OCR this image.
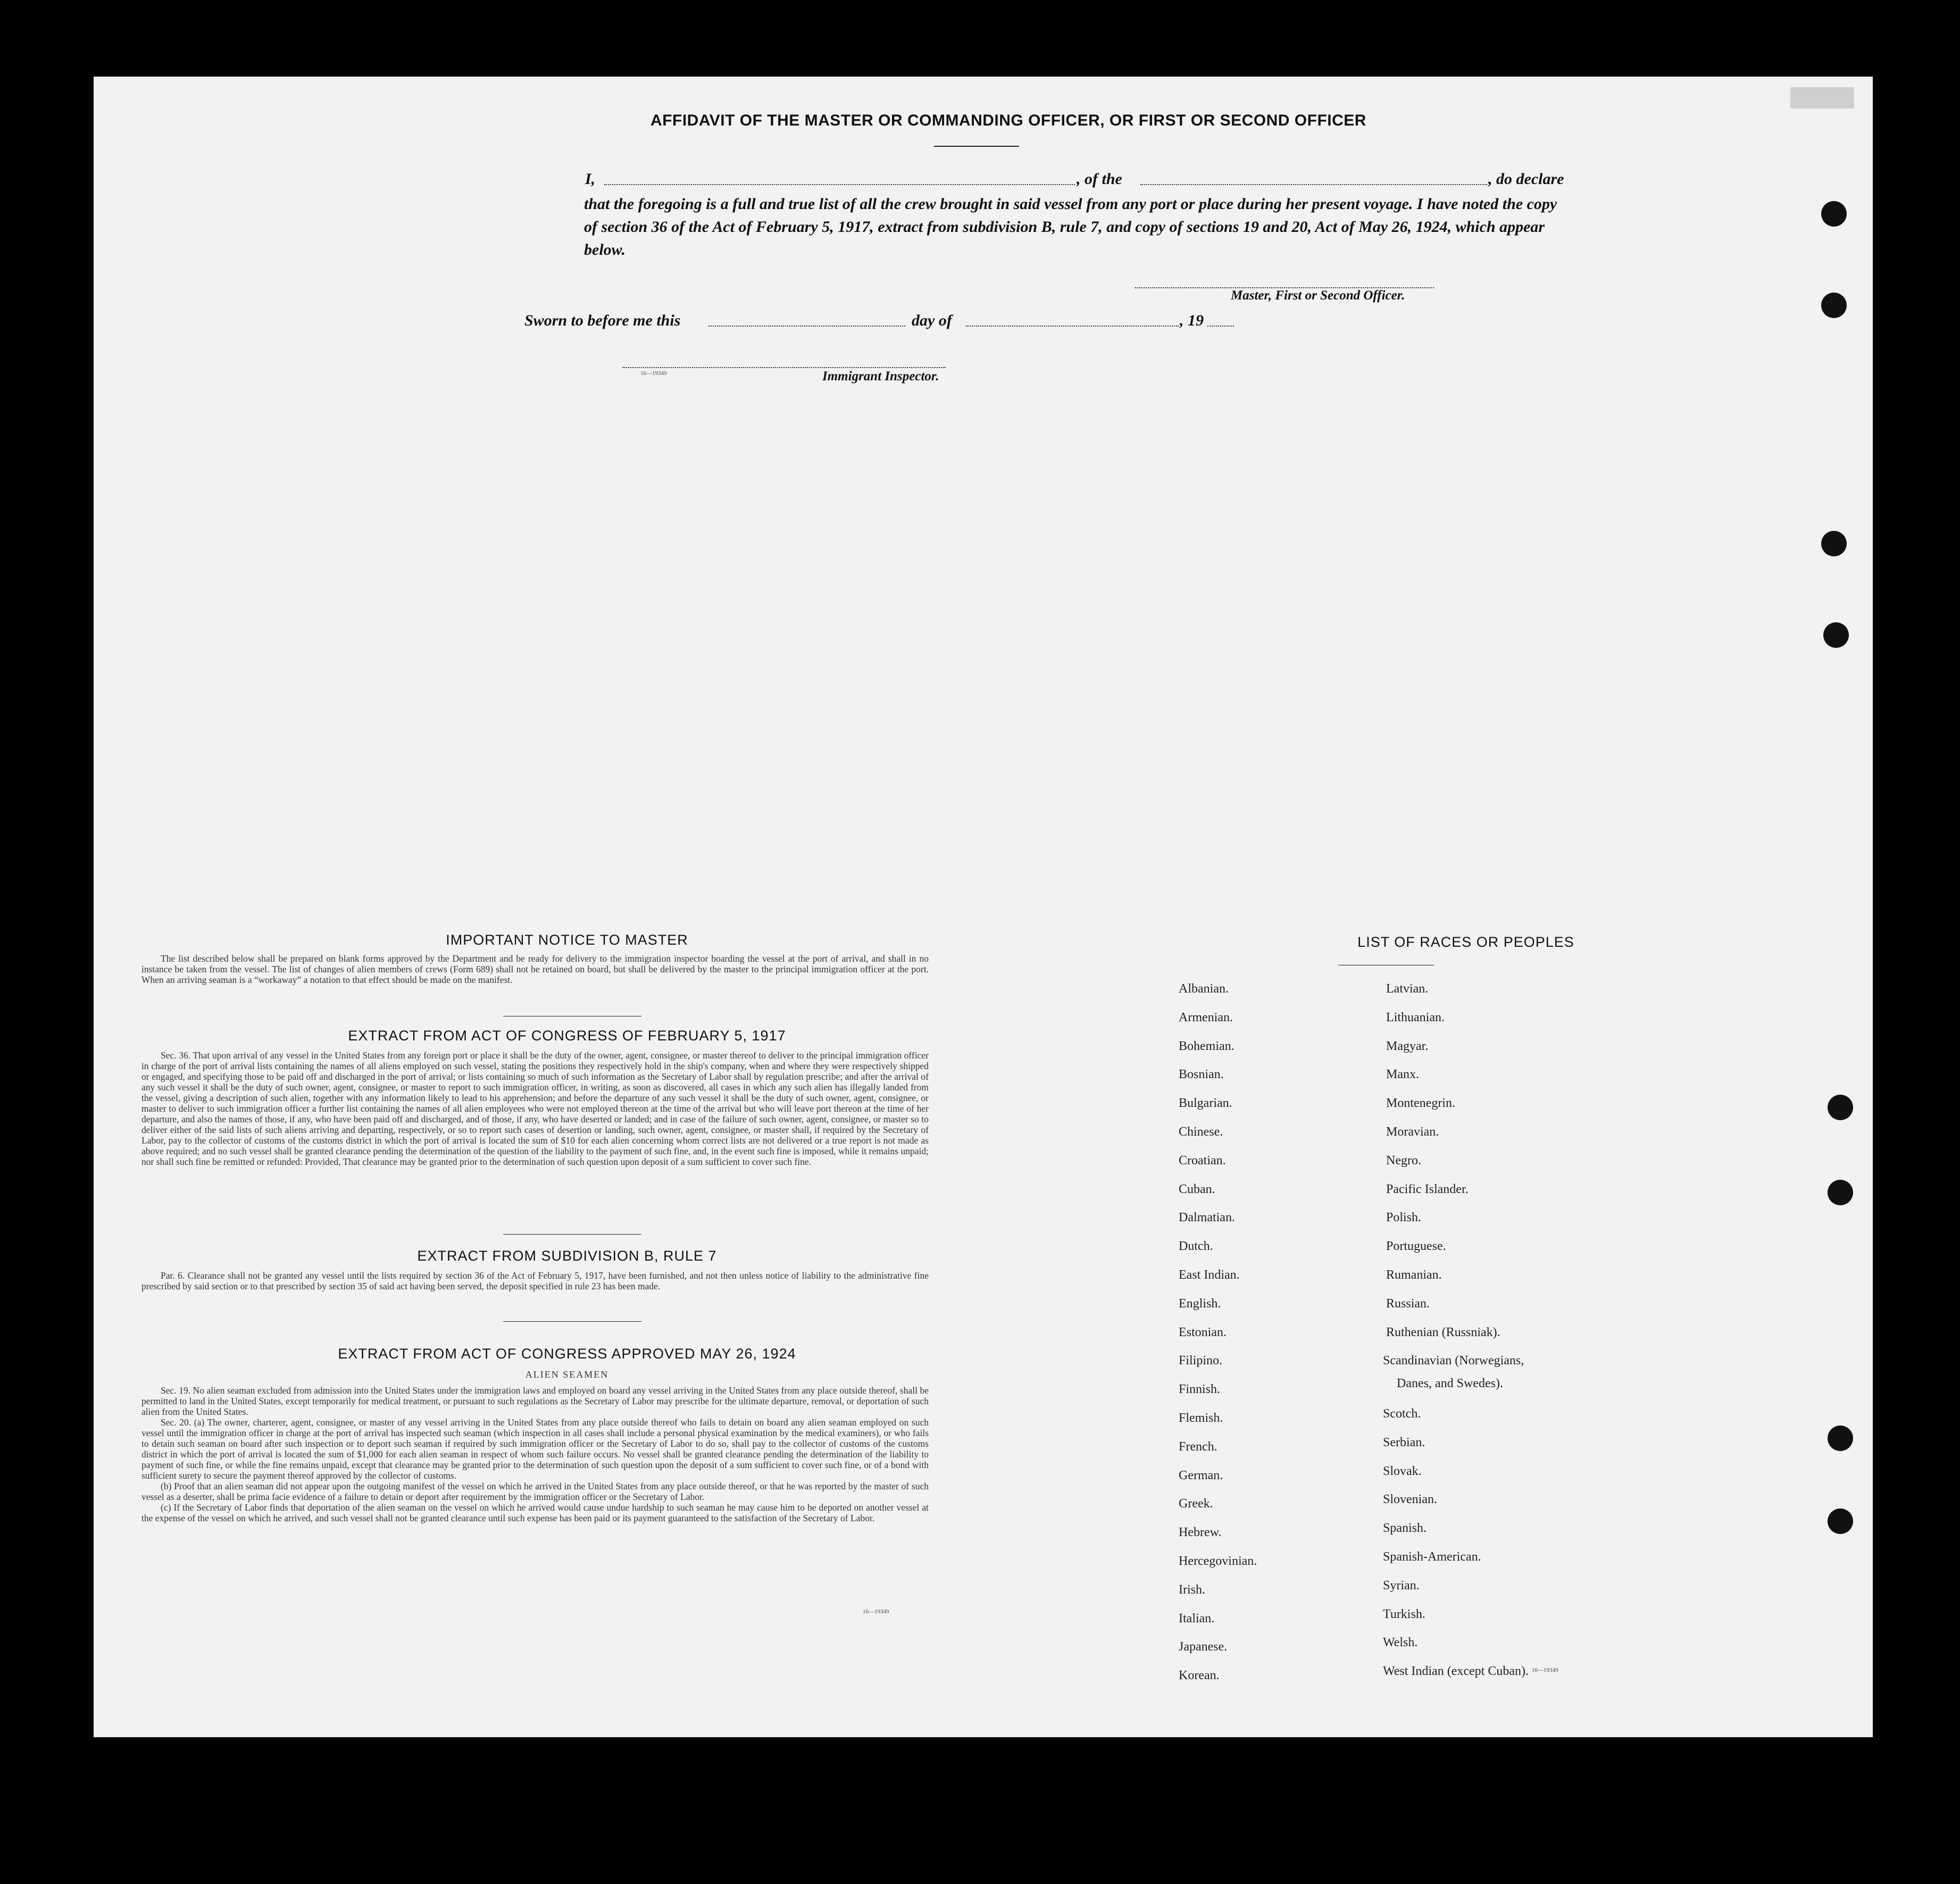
AFFIDAVIT OF THE MASTER OR COMMANDING OFFICER, OR FIRST OR SECOND OFFICER
I,	, of the	, do declare
that the foregoing is a full and true list of all the crew brought in said vessel from any port or place during her present voyage. I have noted the copy of section 36 of the Act of February 5, 1917, extract from subdivision B, rule 7, and copy of sections 19 and 20, Act of May 26, 1924, which appear below.
Master, First or Second Officer.
Sworn to before me this	day of	, 19
16—19349	Immigrant Inspector.
IMPORTANT NOTICE TO MASTER

The list described below shall be prepared on blank forms approved by the Department and be ready for delivery to the immigration inspector boarding the vessel at the port of arrival, and shall in no instance be taken from the vessel. The list of changes of alien members of crews (Form 689) shall not be retained on board, but shall be delivered by the master to the principal immigration officer at the port. When an arriving seaman is a “workaway” a notation to that effect should be made on the manifest.

EXTRACT FROM ACT OF CONGRESS OF FEBRUARY 5, 1917

Sec. 36. That upon arrival of any vessel in the United States from any foreign port or place it shall be the duty of the owner, agent, consignee, or master thereof to deliver to the principal immigration officer in charge of the port of arrival lists containing the names of all aliens employed on such vessel, stating the positions they respectively hold in the ship's company, when and where they were respectively shipped or engaged, and specifying those to be paid off and discharged in the port of arrival; or lists containing so much of such information as the Secretary of Labor shall by regulation prescribe; and after the arrival of any such vessel it shall be the duty of such owner, agent, consignee, or master to report to such immigration officer, in writing, as soon as discovered, all cases in which any such alien has illegally landed from the vessel, giving a description of such alien, together with any information likely to lead to his apprehension; and before the departure of any such vessel it shall be the duty of such owner, agent, consignee, or master to deliver to such immigration officer a further list containing the names of all alien employees who were not employed thereon at the time of the arrival but who will leave port thereon at the time of her departure, and also the names of those, if any, who have been paid off and discharged, and of those, if any, who have deserted or landed; and in case of the failure of such owner, agent, consignee, or master so to deliver either of the said lists of such aliens arriving and departing, respectively, or so to report such cases of desertion or landing, such owner, agent, consignee, or master shall, if required by the Secretary of Labor, pay to the collector of customs of the customs district in which the port of arrival is located the sum of $10 for each alien concerning whom correct lists are not delivered or a true report is not made as above required; and no such vessel shall be granted clearance pending the determination of the question of the liability to the payment of such fine, and, in the event such fine is imposed, while it remains unpaid; nor shall such fine be remitted or refunded: Provided, That clearance may be granted prior to the determination of such question upon deposit of a sum sufficient to cover such fine.

EXTRACT FROM SUBDIVISION B, RULE 7

Par. 6. Clearance shall not be granted any vessel until the lists required by section 36 of the Act of February 5, 1917, have been furnished, and not then unless notice of liability to the administrative fine prescribed by said section or to that prescribed by section 35 of said act having been served, the deposit specified in rule 23 has been made.

EXTRACT FROM ACT OF CONGRESS APPROVED MAY 26, 1924
ALIEN SEAMEN

Sec. 19. No alien seaman excluded from admission into the United States under the immigration laws and employed on board any vessel arriving in the United States from any place outside thereof, shall be permitted to land in the United States, except temporarily for medical treatment, or pursuant to such regulations as the Secretary of Labor may prescribe for the ultimate departure, removal, or deportation of such alien from the United States.

Sec. 20. (a) The owner, charterer, agent, consignee, or master of any vessel arriving in the United States from any place outside thereof who fails to detain on board any alien seaman employed on such vessel until the immigration officer in charge at the port of arrival has inspected such seaman (which inspection in all cases shall include a personal physical examination by the medical examiners), or who fails to detain such seaman on board after such inspection or to deport such seaman if required by such immigration officer or the Secretary of Labor to do so, shall pay to the collector of customs of the customs district in which the port of arrival is located the sum of $1,000 for each alien seaman in respect of whom such failure occurs. No vessel shall be granted clearance pending the determination of the liability to payment of such fine, or while the fine remains unpaid, except that clearance may be granted prior to the determination of such question upon the deposit of a sum sufficient to cover such fine, or of a bond with sufficient surety to secure the payment thereof approved by the collector of customs.

(b) Proof that an alien seaman did not appear upon the outgoing manifest of the vessel on which he arrived in the United States from any place outside thereof, or that he was reported by the master of such vessel as a deserter, shall be prima facie evidence of a failure to detain or deport after requirement by the immigration officer or the Secretary of Labor.

(c) If the Secretary of Labor finds that deportation of the alien seaman on the vessel on which he arrived would cause undue hardship to such seaman he may cause him to be deported on another vessel at the expense of the vessel on which he arrived, and such vessel shall not be granted clearance until such expense has been paid or its payment guaranteed to the satisfaction of the Secretary of Labor.

16—19349
LIST OF RACES OR PEOPLES
Danes, and Swedes).
16—19349
Albanian.
Armenian.
Bohemian.
Bosnian.
Bulgarian.
Chinese.
Croatian.
Cuban.
Dalmatian.
Dutch.
East Indian.
English.
Estonian.
Filipino.
Finnish.
Flemish.
French.
German.
Greek.
Hebrew.
Hercegovinian.
Irish.
Italian.
Japanese.
Korean.
Latvian.
Lithuanian.
Magyar.
Manx.
Montenegrin.
Moravian.
Negro.
Pacific Islander.
Polish.
Portuguese.
Rumanian.
Russian.
Ruthenian (Russniak).
Scandinavian (Norwegians,
Scotch.
Serbian.
Slovak.
Slovenian.
Spanish.
Spanish-American.
Syrian.
Turkish.
Welsh.
West Indian (except Cuban).
